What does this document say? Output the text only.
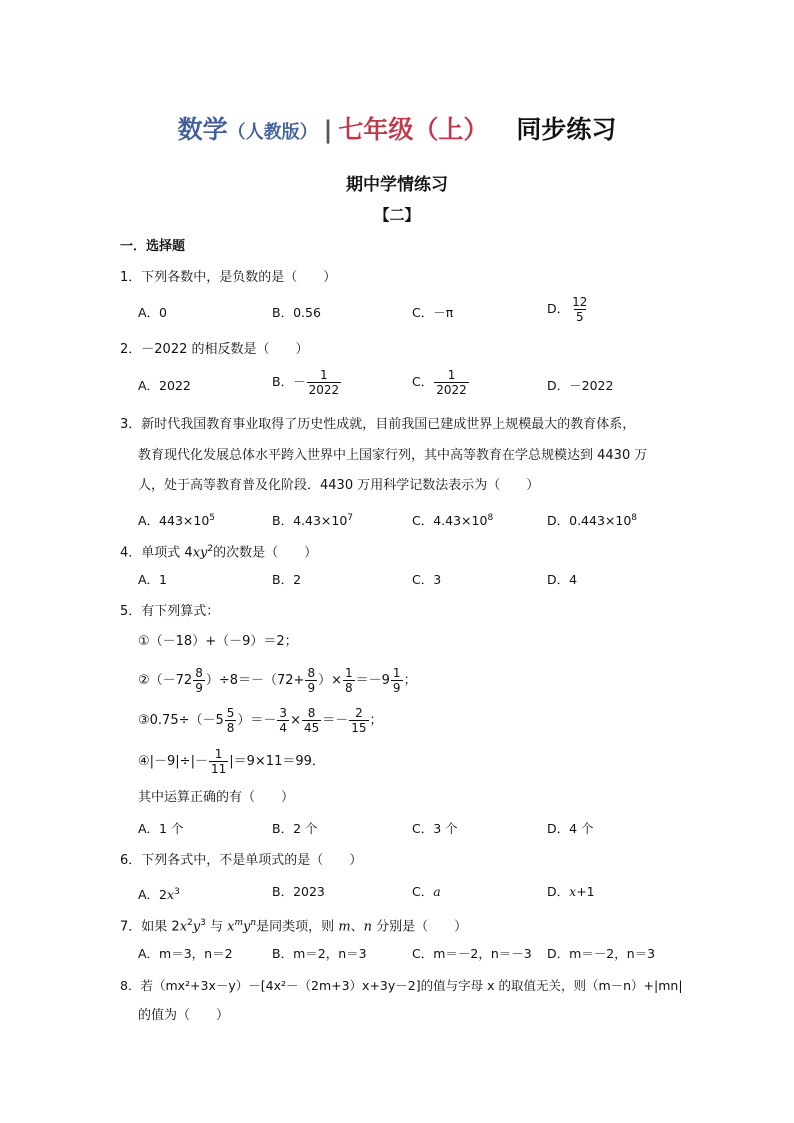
数学（人教版） | 七年级（上） 同步练习
期中学情练习
【二】
一．选择题
1．下列各数中，是负数的是（　　）
A．0	B．0.56	C．－π	D． $\frac{12}{5}$
2．－2022 的相反数是（　　）
A．2022	B．－ $\frac{1}{2022}$	C． $\frac{1}{2022}$	D．－2022
3．新时代我国教育事业取得了历史性成就，目前我国已建成世界上规模最大的教育体系，
教育现代化发展总体水平跨入世界中上国家行列，其中高等教育在学总规模达到 4430 万
人，处于高等教育普及化阶段．4430 万用科学记数法表示为（　　）
A．$443\times 10^5$	B．$4.43\times 10^7$	C．$4.43\times 10^8$	D．$0.443\times 10^8$
4．单项式 $4xy^2$的次数是（　　）
A．1	B．2	C．3	D．4
5．有下列算式：
①（－18）+（－9）＝2；
②（－72 $\frac{8}{9} )\div 8=-(72+ \frac{8}{9}$ ）× $\frac{1}{8} =-9 \frac{1}{9}$ ；
③0.75÷（－5 $\frac{5}{8}$ ）＝－ $\frac{3}{4} \times \frac{8}{45} =- \frac{2}{15}$ ；
④|－9|÷|－ $\frac{1}{11} |=9\times 11=99$．
其中运算正确的有（　　）
A．1 个	B．2 个	C．3 个	D．4 个
6．下列各式中，不是单项式的是（　　）
A．$2x^3$	B．2023	C．a	D．x+1
7．如果 $2x^2y^3$ 与 $x^my^n$是同类项，则 m、n 分别是（　　）
A．m＝3，n＝2	B．m＝2，n＝3	C．m＝－2，n＝－3 D．m＝－2，n＝3
8．若（mx²+3x－y）－[4x²－（2m+3）x+3y－2]的值与字母 x 的取值无关，则（m－n）+|mn|
的值为（　　）
